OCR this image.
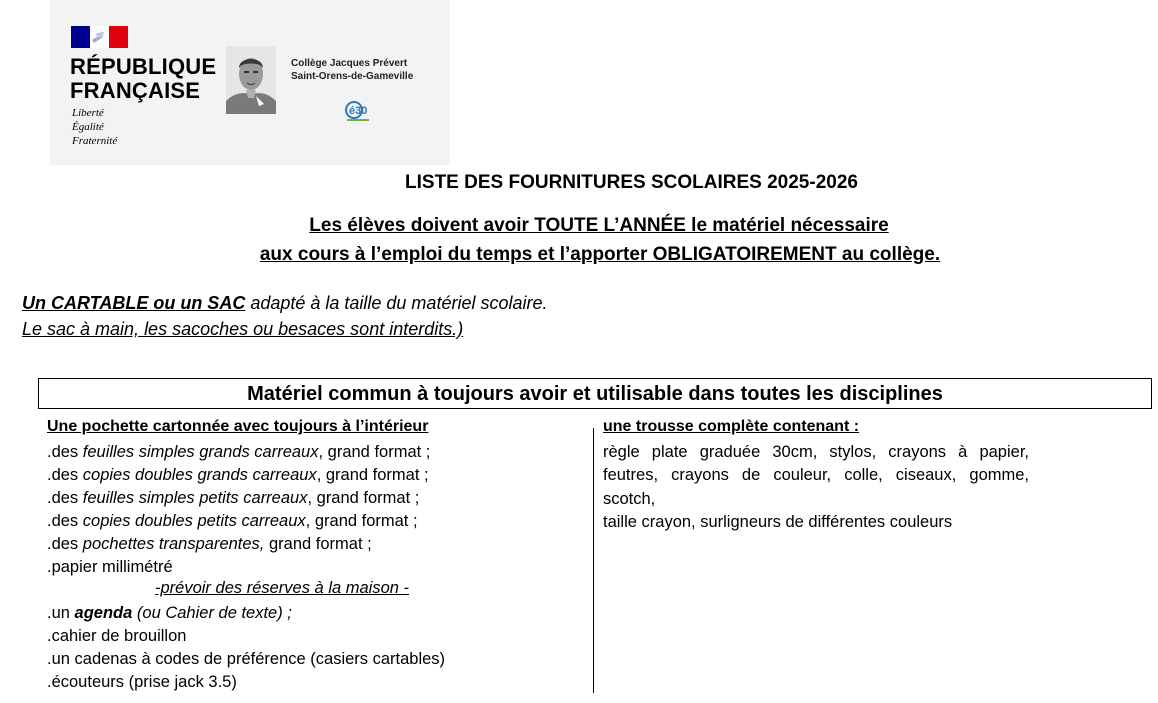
RÉPUBLIQUE
FRANÇAISE
Liberté
Égalité
Fraternité
Collège Jacques Prévert
Saint-Orens-de-Gameville
é30
LISTE DES FOURNITURES SCOLAIRES 2025-2026
Les élèves doivent avoir TOUTE L’ANNÉE le matériel nécessaire
aux cours à l’emploi du temps et l’apporter OBLIGATOIREMENT au collège.
Un CARTABLE ou un SAC adapté à la taille du matériel scolaire.
Le sac à main, les sacoches ou besaces sont interdits.)
Matériel commun à toujours avoir et utilisable dans toutes les disciplines
Une pochette cartonnée avec toujours à l’intérieur
.des feuilles simples grands carreaux, grand format ;
.des copies doubles grands carreaux, grand format ;
.des feuilles simples petits carreaux, grand format ;
.des copies doubles petits carreaux, grand format ;
.des pochettes transparentes, grand format ;
.papier millimétré
-prévoir des réserves à la maison -
.un agenda (ou Cahier de texte) ;
.cahier de brouillon
.un cadenas à codes de préférence (casiers cartables)
.écouteurs (prise jack 3.5)
une trousse complète contenant :
règle plate graduée 30cm, stylos, crayons à papier, feutres, crayons de couleur, colle, ciseaux, gomme, scotch,
taille crayon, surligneurs de différentes couleurs
